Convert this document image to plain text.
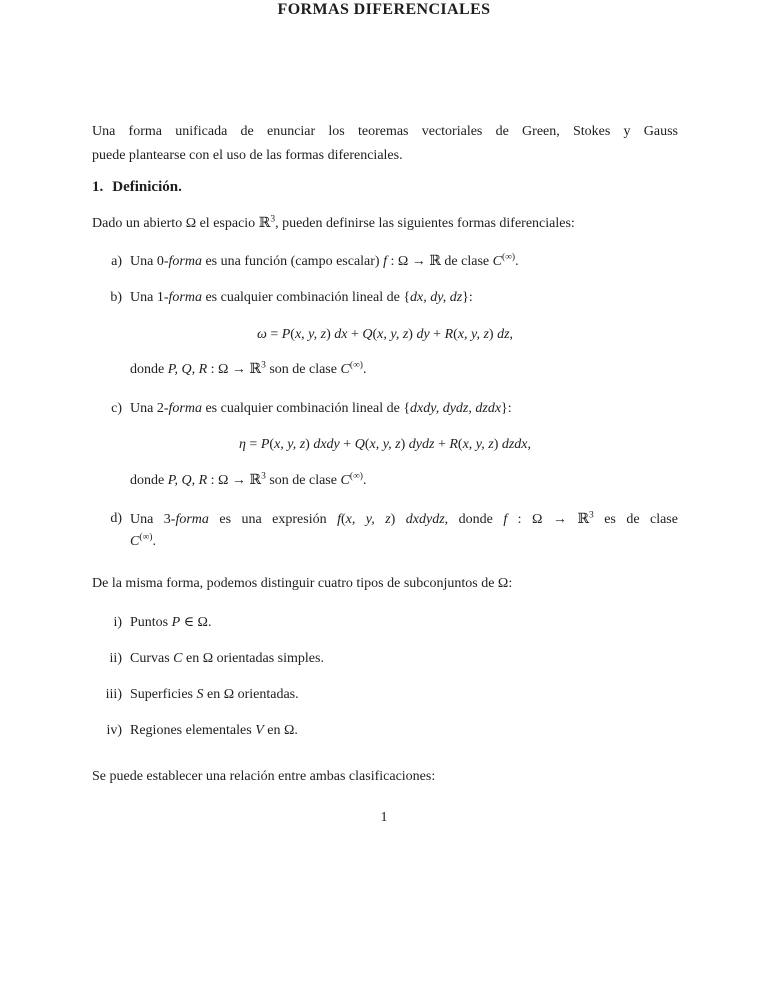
FORMAS DIFERENCIALES
Una forma unificada de enunciar los teoremas vectoriales de Green, Stokes y Gauss
puede plantearse con el uso de las formas diferenciales.
1. Definición.
Dado un abierto Ω el espacio ℝ$^3$, pueden definirse las siguientes formas diferenciales:
a) Una 0-forma es una función (campo escalar) f : Ω → ℝ de clase C(∞).
b) Una 1-forma es cualquier combinación lineal de {dx, dy, dz}:
ω = P(x, y, z) dx + Q(x, y, z) dy + R(x, y, z) dz,
donde P, Q, R : Ω → ℝ$^3$ son de clase C(∞).
c) Una 2-forma es cualquier combinación lineal de {dxdy, dydz, dzdx}:
η = P(x, y, z) dxdy + Q(x, y, z) dydz + R(x, y, z) dzdx,
donde P, Q, R : Ω → ℝ$^3$ son de clase C(∞).
d) Una 3-forma es una expresión f(x, y, z) dxdydz, donde f : Ω → ℝ$^3$ es de clase
C(∞).
De la misma forma, podemos distinguir cuatro tipos de subconjuntos de Ω:
i) Puntos P ∈ Ω.
ii) Curvas C en Ω orientadas simples.
iii) Superficies S en Ω orientadas.
iv) Regiones elementales V en Ω.
Se puede establecer una relación entre ambas clasificaciones:
1
